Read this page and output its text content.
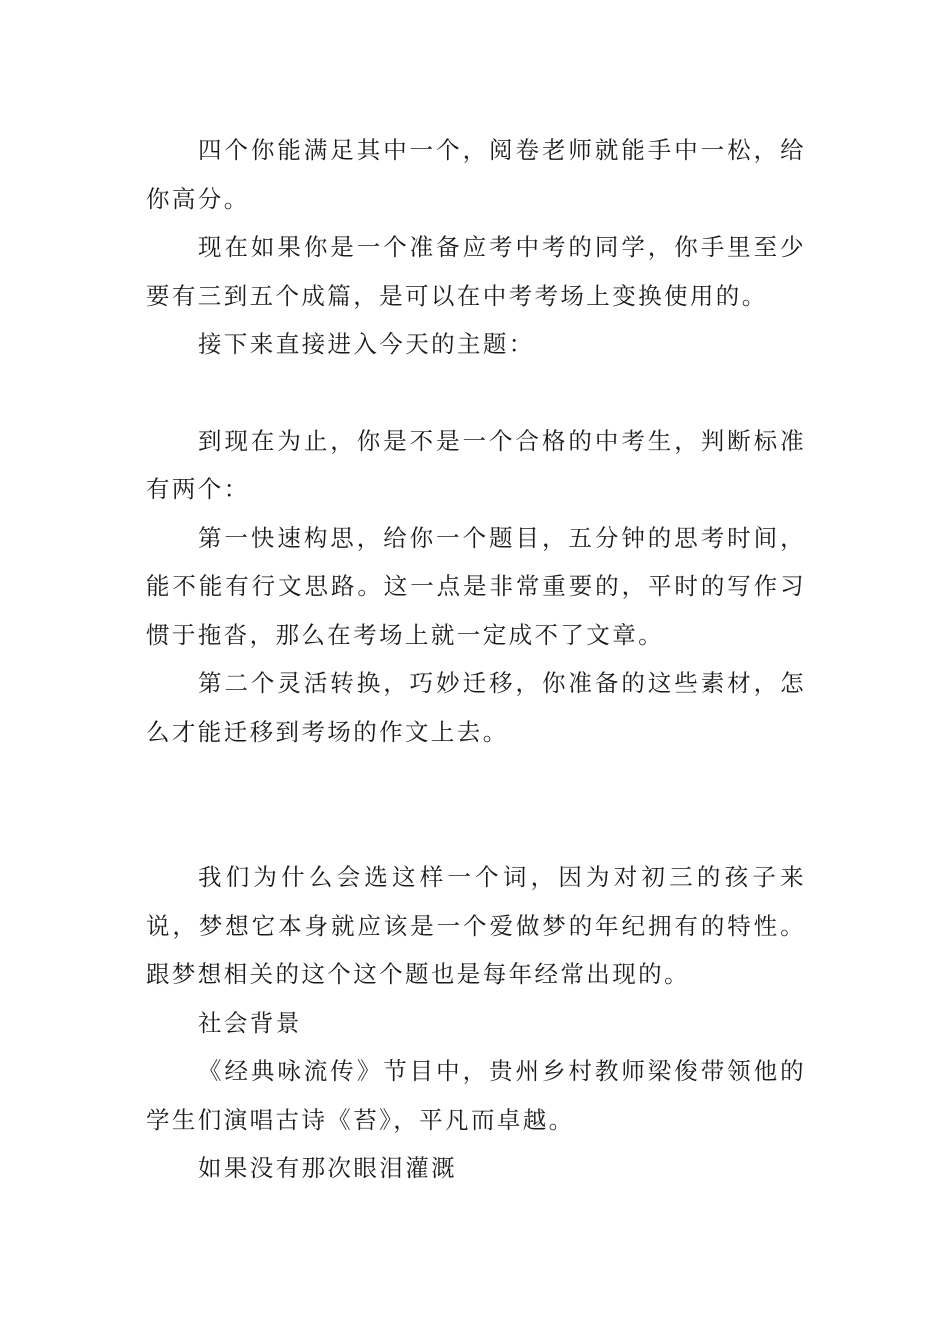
四个你能满足其中一个，阅卷老师就能手中一松，给你高分。

现在如果你是一个准备应考中考的同学，你手里至少要有三到五个成篇，是可以在中考考场上变换使用的。

接下来直接进入今天的主题：

到现在为止，你是不是一个合格的中考生，判断标准有两个：

第一快速构思，给你一个题目，五分钟的思考时间，能不能有行文思路。这一点是非常重要的，平时的写作习惯于拖沓，那么在考场上就一定成不了文章。

第二个灵活转换，巧妙迁移，你准备的这些素材，怎么才能迁移到考场的作文上去。

我们为什么会选这样一个词，因为对初三的孩子来说，梦想它本身就应该是一个爱做梦的年纪拥有的特性。跟梦想相关的这个这个题也是每年经常出现的。

社会背景

《经典咏流传》节目中，贵州乡村教师梁俊带领他的学生们演唱古诗《苔》，平凡而卓越。

如果没有那次眼泪灌溉
